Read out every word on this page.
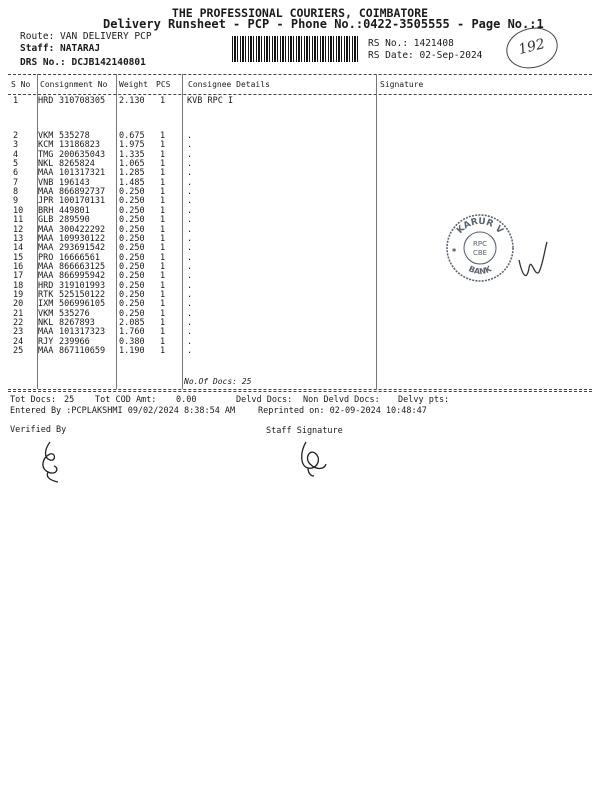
THE PROFESSIONAL COURIERS, COIMBATORE
Delivery Runsheet - PCP - Phone No.:0422-3505555 - Page No.:1
Route: VAN DELIVERY PCP
Staff: NATARAJ
DRS No.: DCJB142140801
RS No.: 1421408
RS Date: 02-Sep-2024	192
S No Consignment No Weight PCS Consignee Details	Signature
1 HRD 310708305 2.130 1	KVB RPC I
2 VKM 535278	0.675 1	.
3 KCM 13186823 1.975 1	.
4 TMG 200635043 1.335 1	.
5 NKL 8265824	1.065 1	.
6 MAA 101317321 1.285 1	.
7 VNB 196143	1.485 1	.
8 MAA 866892737 0.250 1	.
9 JPR 100170131 0.250 1	.
10 BRH 449801	0.250 1	.
11 GLB 289590	0.250 1	.
12 MAA 300422292 0.250 1	.
13 MAA 109930122 0.250 1	.
14 MAA 293691542 0.250 1	.
15 PRO 16666561 0.250 1	.
16 MAA 866663125 0.250 1	.
17 MAA 866995942 0.250 1	.
18 HRD 319101993 0.250 1	.
19 RTK 525150122 0.250 1	.
20 IXM 506996105 0.250 1	.
21 VKM 535276	0.250 1	.
22 NKL 8267893	2.085 1	.
23 MAA 101317323 1.760 1	.
24 RJY 239966	0.380 1	.
25 MAA 867110659 1.190 1	.
No.Of Docs: 25
KARUR V
BANK
RPC
CBE
✱
Tot Docs: 25 Tot COD Amt: 0.00	Delvd Docs: Non Delvd Docs: Delvy pts:
Entered By :PCPLAKSHMI 09/02/2024 8:38:54 AM	Reprinted on: 02-09-2024 10:48:47
Verified By	Staff Signature
